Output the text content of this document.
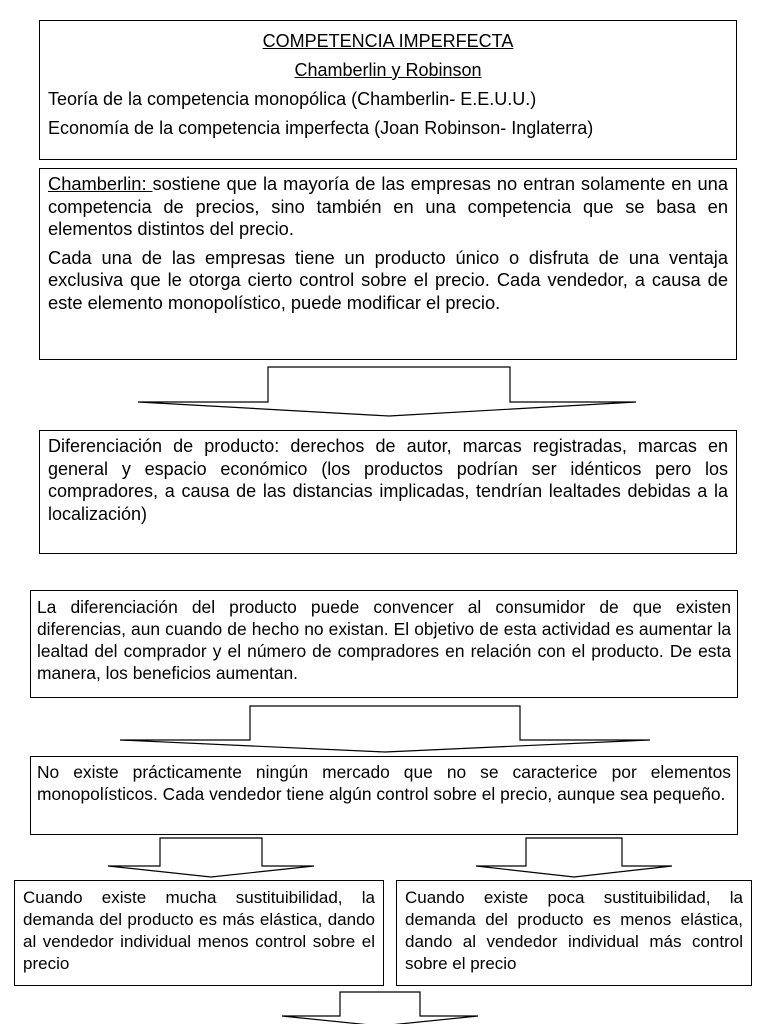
COMPETENCIA IMPERFECTA

Chamberlin y Robinson

Teoría de la competencia monopólica (Chamberlin- E.E.U.U.)

Economía de la competencia imperfecta (Joan Robinson- Inglaterra)

Chamberlin: sostiene que la mayoría de las empresas no entran solamente en una competencia de precios, sino también en una competencia que se basa en elementos distintos del precio.

Cada una de las empresas tiene un producto único o disfruta de una ventaja exclusiva que le otorga cierto control sobre el precio. Cada vendedor, a causa de este elemento monopolístico, puede modificar el precio.

Diferenciación de producto: derechos de autor, marcas registradas, marcas en general y espacio económico (los productos podrían ser idénticos pero los compradores, a causa de las distancias implicadas, tendrían lealtades debidas a la localización)

La diferenciación del producto puede convencer al consumidor de que existen diferencias, aun cuando de hecho no existan. El objetivo de esta actividad es aumentar la lealtad del comprador y el número de compradores en relación con el producto. De esta manera, los beneficios aumentan.

No existe prácticamente ningún mercado que no se caracterice por elementos monopolísticos. Cada vendedor tiene algún control sobre el precio, aunque sea pequeño.

Cuando existe mucha sustituibilidad, la demanda del producto es más elástica, dando al vendedor individual menos control sobre el precio

Cuando existe poca sustituibilidad, la demanda del producto es menos elástica, dando al vendedor individual más control sobre el precio
